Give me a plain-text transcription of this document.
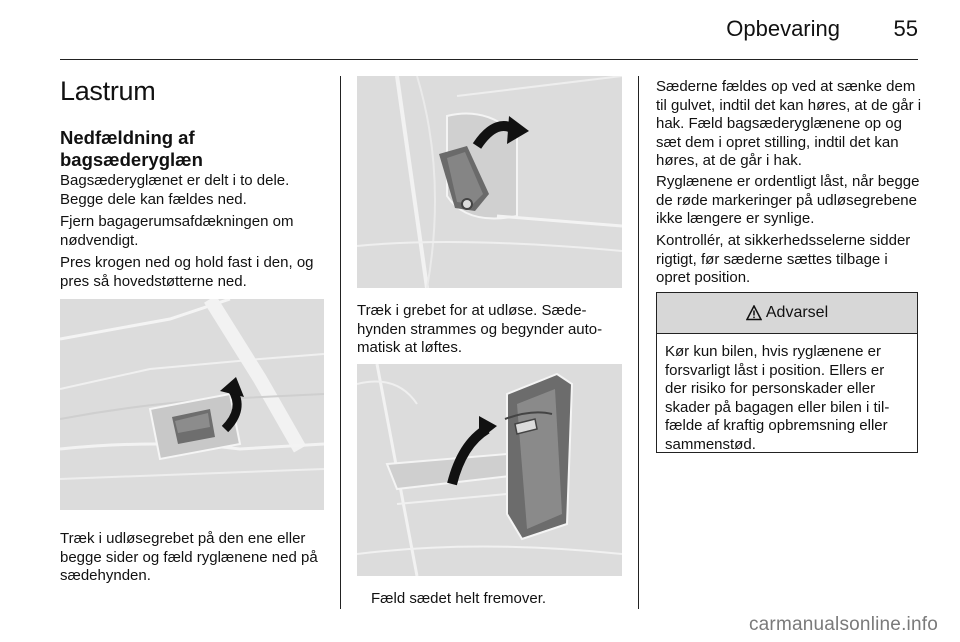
Opbevaring 55
Lastrum
Nedfældning af bagsæderyglæn

Bagsæderyglænet er delt i to dele. Begge dele kan fældes ned.

Fjern bagagerumsafdækningen om nødvendigt.

Pres krogen ned og hold fast i den, og pres så hovedstøtterne ned.

Træk i udløsegrebet på den ene eller begge sider og fæld ryglænene ned på sædehynden.

Træk i grebet for at udløse. Sædehynden strammes og begynder automatisk at løftes.

Fæld sædet helt fremover.

Sæderne fældes op ved at sænke dem til gulvet, indtil det kan høres, at de går i hak. Fæld bagsæderyglænene op og sæt dem i opret stilling, indtil det kan høres, at de går i hak.

Ryglænene er ordentligt låst, når begge de røde markeringer på udløsegrebene ikke længere er synlige.

Kontrollér, at sikkerhedsselerne sidder rigtigt, før sæderne sættes tilbage i opret position.

Advarsel
Kør kun bilen, hvis ryglænene er forsvarligt låst i position. Ellers er der risiko for personskader eller skader på bagagen eller bilen i tilfælde af kraftig opbremsning eller sammenstød.
carmanualsonline.info
